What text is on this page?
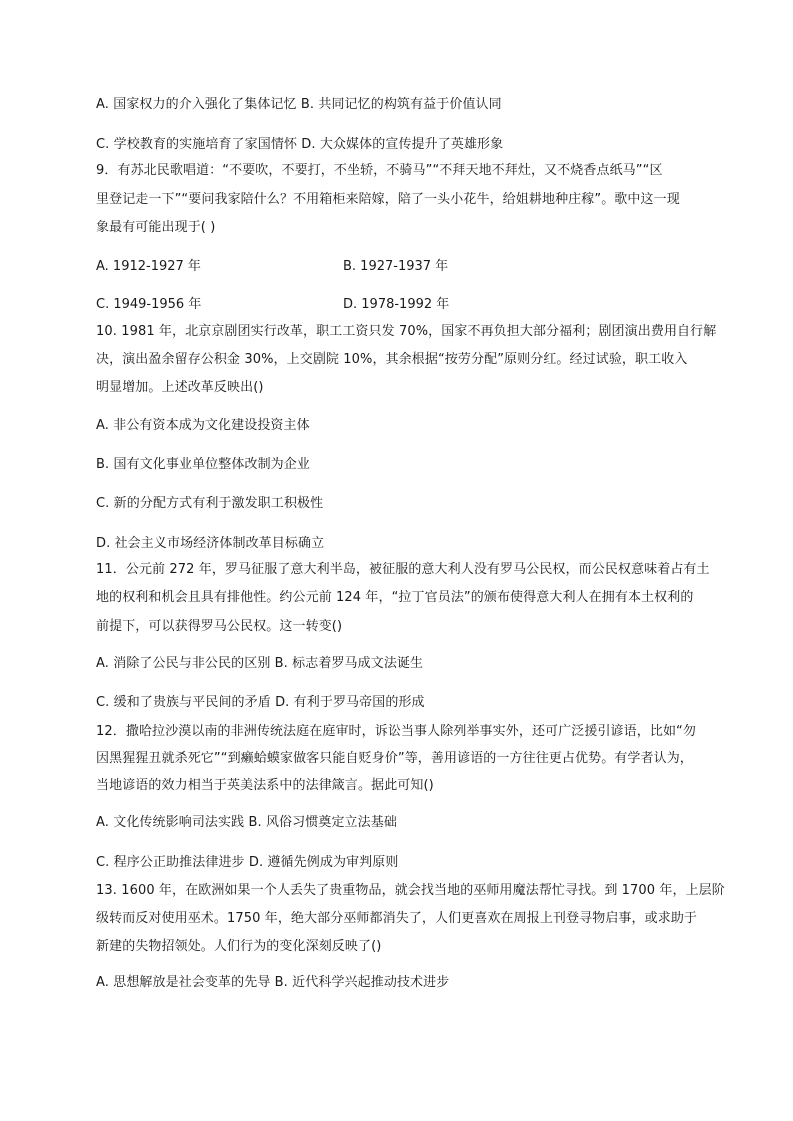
A. 国家权力的介入强化了集体记忆 B. 共同记忆的构筑有益于价值认同
C. 学校教育的实施培育了家国情怀 D. 大众媒体的宣传提升了英雄形象
9．有苏北民歌唱道：“不要吹，不要打，不坐轿，不骑马”“不拜天地不拜灶，又不烧香点纸马”“区
里登记走一下”“要问我家陪什么？不用箱柜来陪嫁，陪了一头小花牛，给姐耕地种庄稼”。歌中这一现
象最有可能出现于( )
A. 1912-1927 年	B. 1927-1937 年
C. 1949-1956 年	D. 1978-1992 年
10. 1981 年，北京京剧团实行改革，职工工资只发 70%，国家不再负担大部分福利；剧团演出费用自行解
决，演出盈余留存公积金 30%，上交剧院 10%，其余根据“按劳分配”原则分红。经过试验，职工收入
明显增加。上述改革反映出()
A. 非公有资本成为文化建设投资主体
B. 国有文化事业单位整体改制为企业
C. 新的分配方式有利于激发职工积极性
D. 社会主义市场经济体制改革目标确立
11．公元前 272 年，罗马征服了意大利半岛，被征服的意大利人没有罗马公民权，而公民权意味着占有土
地的权利和机会且具有排他性。约公元前 124 年，“拉丁官员法”的颁布使得意大利人在拥有本土权利的
前提下，可以获得罗马公民权。这一转变()
A. 消除了公民与非公民的区别 B. 标志着罗马成文法诞生
C. 缓和了贵族与平民间的矛盾 D. 有利于罗马帝国的形成
12．撒哈拉沙漠以南的非洲传统法庭在庭审时，诉讼当事人除列举事实外，还可广泛援引谚语，比如“勿
因黑猩猩丑就杀死它”“到癞蛤蟆家做客只能自贬身价”等，善用谚语的一方往往更占优势。有学者认为，
当地谚语的效力相当于英美法系中的法律箴言。据此可知()
A. 文化传统影响司法实践 B. 风俗习惯奠定立法基础
C. 程序公正助推法律进步 D. 遵循先例成为审判原则
13. 1600 年，在欧洲如果一个人丢失了贵重物品，就会找当地的巫师用魔法帮忙寻找。到 1700 年，上层阶
级转而反对使用巫术。1750 年，绝大部分巫师都消失了，人们更喜欢在周报上刊登寻物启事，或求助于
新建的失物招领处。人们行为的变化深刻反映了()
A. 思想解放是社会变革的先导 B. 近代科学兴起推动技术进步
